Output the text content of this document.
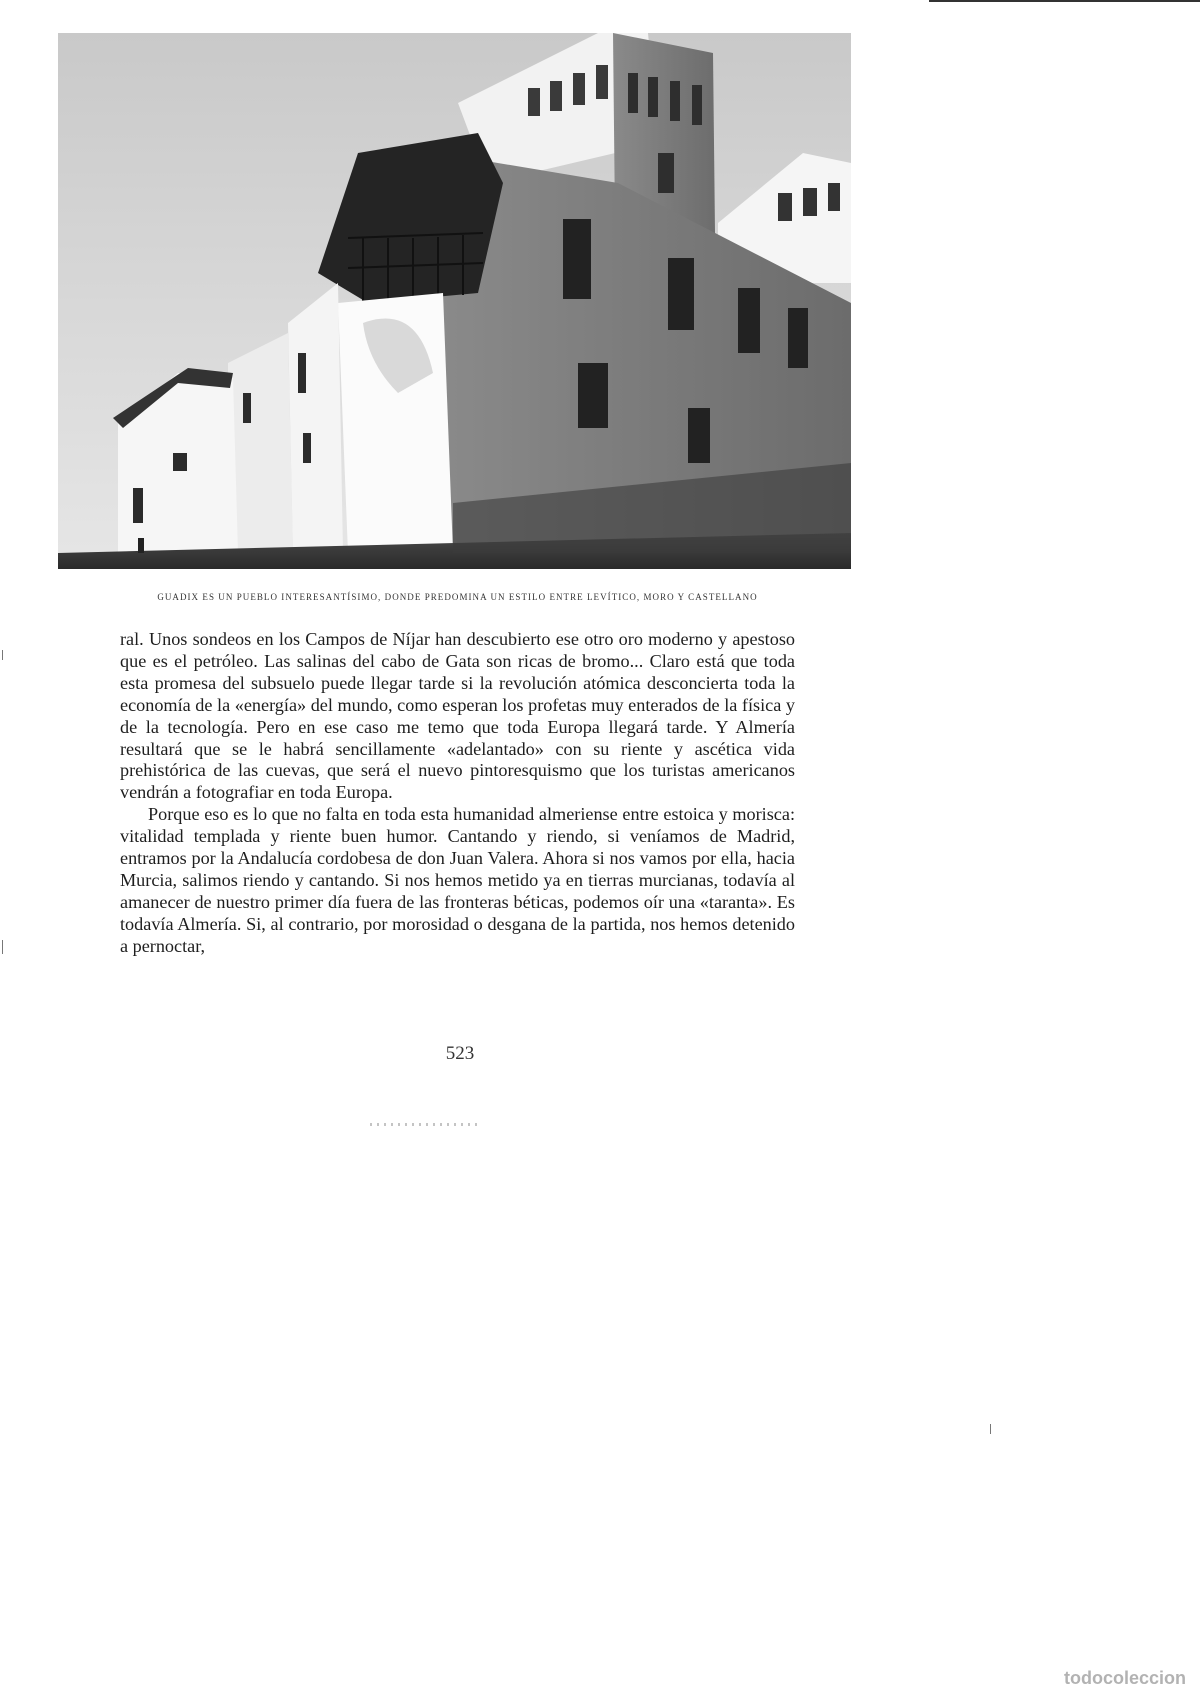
GUADIX ES UN PUEBLO INTERESANTÍSIMO, DONDE PREDOMINA UN ESTILO ENTRE LEVÍTICO, MORO Y CASTELLANO

ral. Unos sondeos en los Campos de Níjar han descubierto ese otro oro moderno y apestoso que es el petróleo. Las salinas del cabo de Gata son ricas de bromo... Claro está que toda esta promesa del subsuelo puede llegar tarde si la revolución atómica desconcierta toda la economía de la «energía» del mundo, como esperan los profetas muy enterados de la física y de la tecnología. Pero en ese caso me temo que toda Europa llegará tarde. Y Almería resultará que se le habrá sencillamente «adelantado» con su riente y ascética vida prehistórica de las cuevas, que será el nuevo pintoresquismo que los turistas americanos vendrán a fotografiar en toda Europa.

Porque eso es lo que no falta en toda esta humanidad almeriense entre estoica y morisca: vitalidad templada y riente buen humor. Cantando y riendo, si veníamos de Madrid, entramos por la Andalucía cordobesa de don Juan Valera. Ahora si nos vamos por ella, hacia Murcia, salimos riendo y cantando. Si nos hemos metido ya en tierras murcianas, todavía al amanecer de nuestro primer día fuera de las fronteras béticas, podemos oír una «taranta». Es todavía Almería. Si, al contrario, por morosidad o desgana de la partida, nos hemos detenido a pernoctar,

523
todocoleccion
